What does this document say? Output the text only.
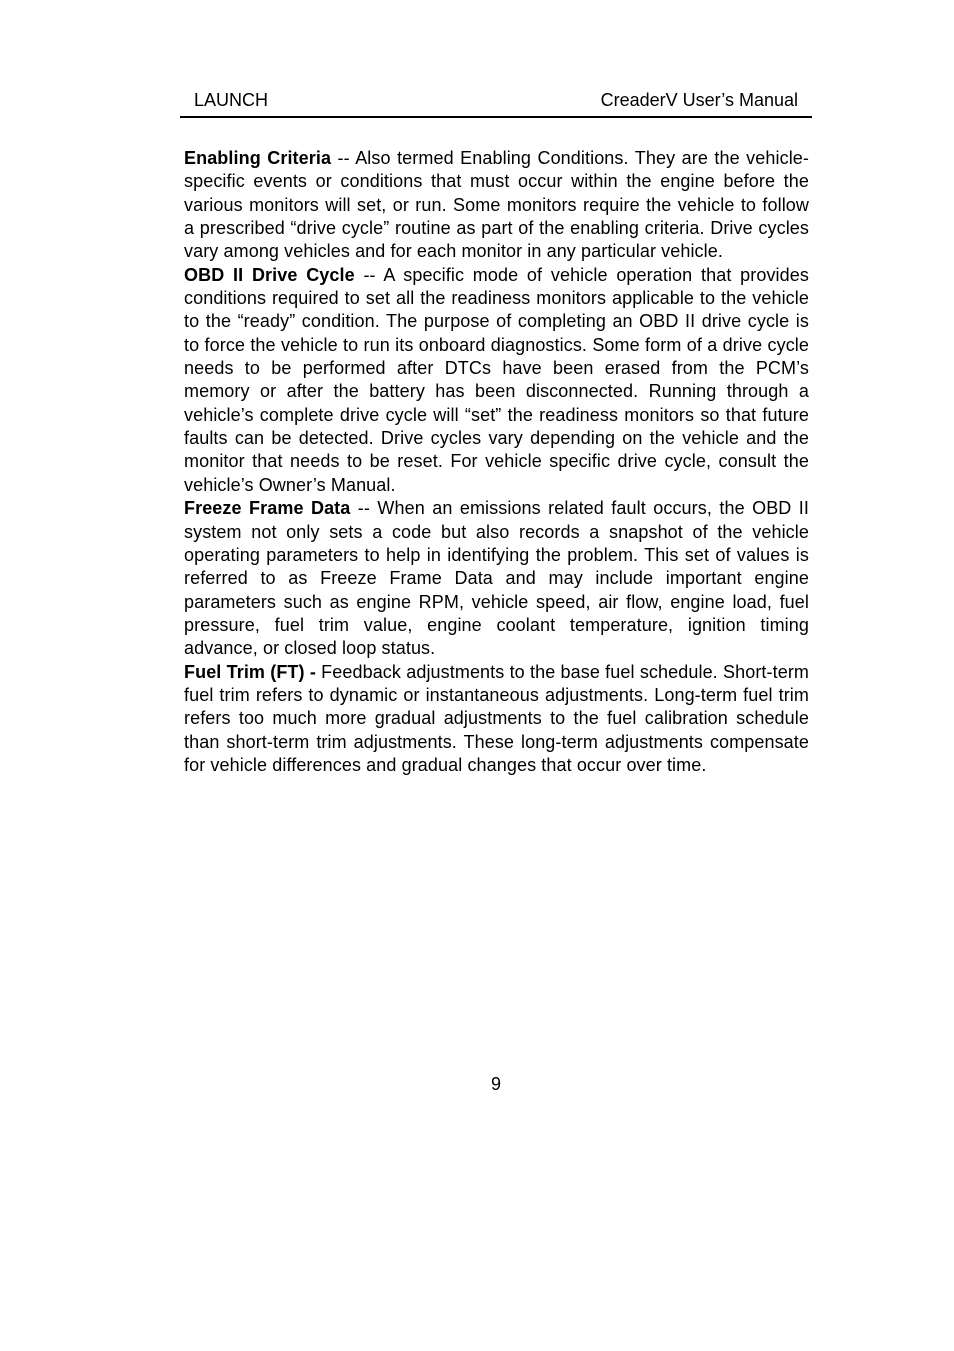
LAUNCH	CreaderV User’s Manual

Enabling Criteria -- Also termed Enabling Conditions. They are the vehicle-specific events or conditions that must occur within the engine before the various monitors will set, or run. Some monitors require the vehicle to follow a prescribed “drive cycle” routine as part of the enabling criteria. Drive cycles vary among vehicles and for each monitor in any particular vehicle.

OBD II Drive Cycle -- A specific mode of vehicle operation that provides conditions required to set all the readiness monitors applicable to the vehicle to the “ready” condition. The purpose of completing an OBD II drive cycle is to force the vehicle to run its onboard diagnostics. Some form of a drive cycle needs to be performed after DTCs have been erased from the PCM’s memory or after the battery has been disconnected. Running through a vehicle’s complete drive cycle will “set” the readiness monitors so that future faults can be detected. Drive cycles vary depending on the vehicle and the monitor that needs to be reset. For vehicle specific drive cycle, consult the vehicle’s Owner’s Manual.

Freeze Frame Data -- When an emissions related fault occurs, the OBD II system not only sets a code but also records a snapshot of the vehicle operating parameters to help in identifying the problem. This set of values is referred to as Freeze Frame Data and may include important engine parameters such as engine RPM, vehicle speed, air flow, engine load, fuel pressure, fuel trim value, engine coolant temperature, ignition timing advance, or closed loop status.

Fuel Trim (FT) - Feedback adjustments to the base fuel schedule. Short-term fuel trim refers to dynamic or instantaneous adjustments. Long-term fuel trim refers too much more gradual adjustments to the fuel calibration schedule than short-term trim adjustments. These long-term adjustments compensate for vehicle differences and gradual changes that occur over time.

9
